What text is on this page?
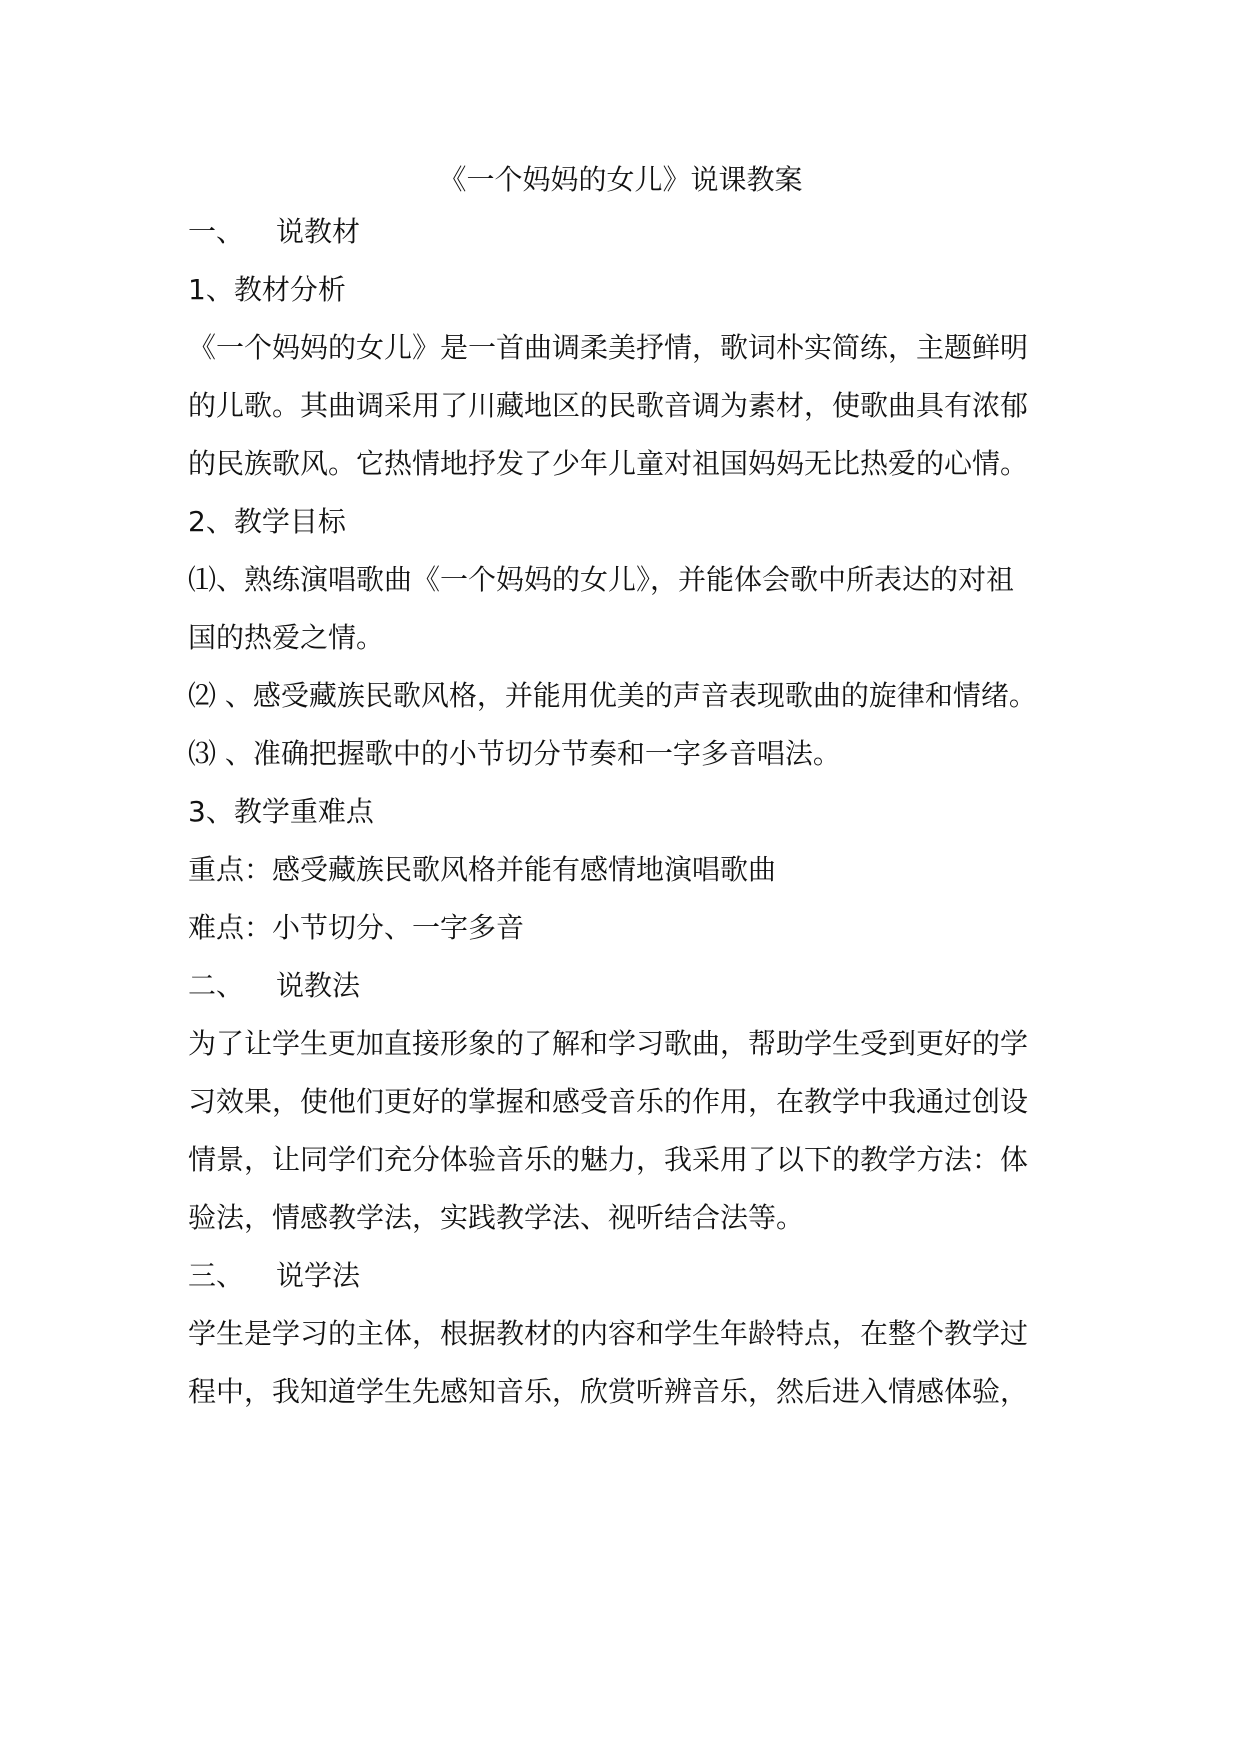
《一个妈妈的女儿》说课教案
一、 说教材
1、教材分析
《一个妈妈的女儿》是一首曲调柔美抒情，歌词朴实简练，主题鲜明
的儿歌。其曲调采用了川藏地区的民歌音调为素材，使歌曲具有浓郁
的民族歌风。它热情地抒发了少年儿童对祖国妈妈无比热爱的心情。
2、教学目标
⑴、熟练演唱歌曲《一个妈妈的女儿》，并能体会歌中所表达的对祖
国的热爱之情。
⑵ 、感受藏族民歌风格，并能用优美的声音表现歌曲的旋律和情绪。
⑶ 、准确把握歌中的小节切分节奏和一字多音唱法。
3、教学重难点
重点：感受藏族民歌风格并能有感情地演唱歌曲
难点：小节切分、一字多音
二、 说教法
为了让学生更加直接形象的了解和学习歌曲，帮助学生受到更好的学
习效果，使他们更好的掌握和感受音乐的作用，在教学中我通过创设
情景，让同学们充分体验音乐的魅力，我采用了以下的教学方法：体
验法，情感教学法，实践教学法、视听结合法等。
三、 说学法
学生是学习的主体，根据教材的内容和学生年龄特点，在整个教学过
程中，我知道学生先感知音乐，欣赏听辨音乐，然后进入情感体验，
